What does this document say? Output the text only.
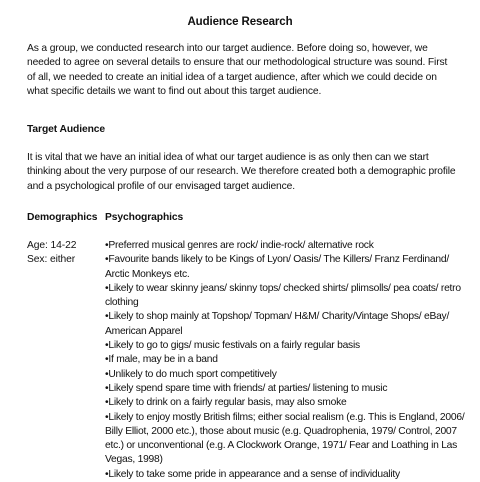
Audience Research
As a group, we conducted research into our target audience. Before doing so, however, we needed to agree on several details to ensure that our methodological structure was sound. First of all, we needed to create an initial idea of a target audience, after which we could decide on what specific details we want to find out about this target audience.
Target Audience
It is vital that we have an initial idea of what our target audience is as only then can we start thinking about the very purpose of our research. We therefore created both a demographic profile and a psychological profile of our envisaged target audience.
Demographics Psychographics
Age: 14-22
Sex: either
• Preferred musical genres are rock/ indie-rock/ alternative rock
• Favourite bands likely to be Kings of Lyon/ Oasis/ The Killers/ Franz Ferdinand/ Arctic Monkeys etc.
• Likely to wear skinny jeans/ skinny tops/ checked shirts/ plimsolls/ pea coats/ retro clothing
• Likely to shop mainly at Topshop/ Topman/ H&M/ Charity/Vintage Shops/ eBay/ American Apparel
• Likely to go to gigs/ music festivals on a fairly regular basis
• If male, may be in a band
• Unlikely to do much sport competitively
• Likely spend spare time with friends/ at parties/ listening to music
• Likely to drink on a fairly regular basis, may also smoke
• Likely to enjoy mostly British films; either social realism (e.g. This is England, 2006/ Billy Elliot, 2000 etc.), those about music (e.g. Quadrophenia, 1979/ Control, 2007 etc.) or unconventional (e.g. A Clockwork Orange, 1971/ Fear and Loathing in Las Vegas, 1998)
• Likely to take some pride in appearance and a sense of individuality
